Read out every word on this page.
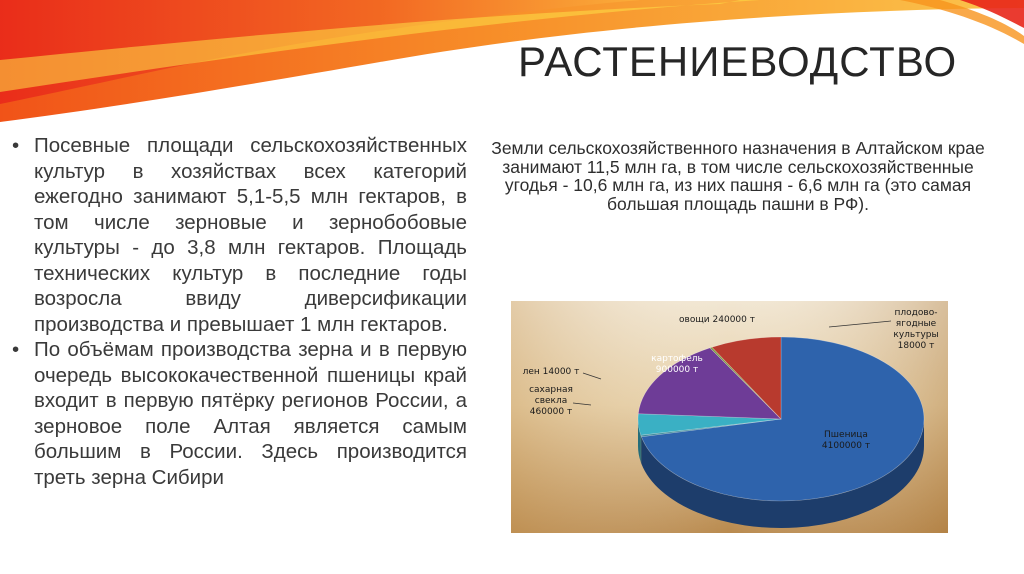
РАСТЕНИЕВОДСТВО
• Посевные площади сельскохозяйственных культур в хозяйствах всех категорий ежегодно занимают 5,1-5,5 млн гектаров, в том числе зерновые и зернобобовые культуры - до 3,8 млн гектаров. Площадь технических культур в последние годы возросла ввиду диверсификации производства и превышает 1 млн гектаров.
• По объёмам производства зерна и в первую очередь высококачественной пшеницы край входит в первую пятёрку регионов России, а зерновое поле Алтая является самым большим в России. Здесь производится треть зерна Сибири
Земли сельскохозяйственного назначения в Алтайском крае занимают 11,5 млн га, в том числе сельскохозяйственные угодья - 10,6 млн га, из них пашня - 6,6 млн га (это самая большая площадь пашни в РФ).
Пшеница 4100000 т
плодово-ягодные культуры 18000 т
овощи 240000 т
картофель 900000 т
лен 14000 т
сахарная свекла 460000 т
